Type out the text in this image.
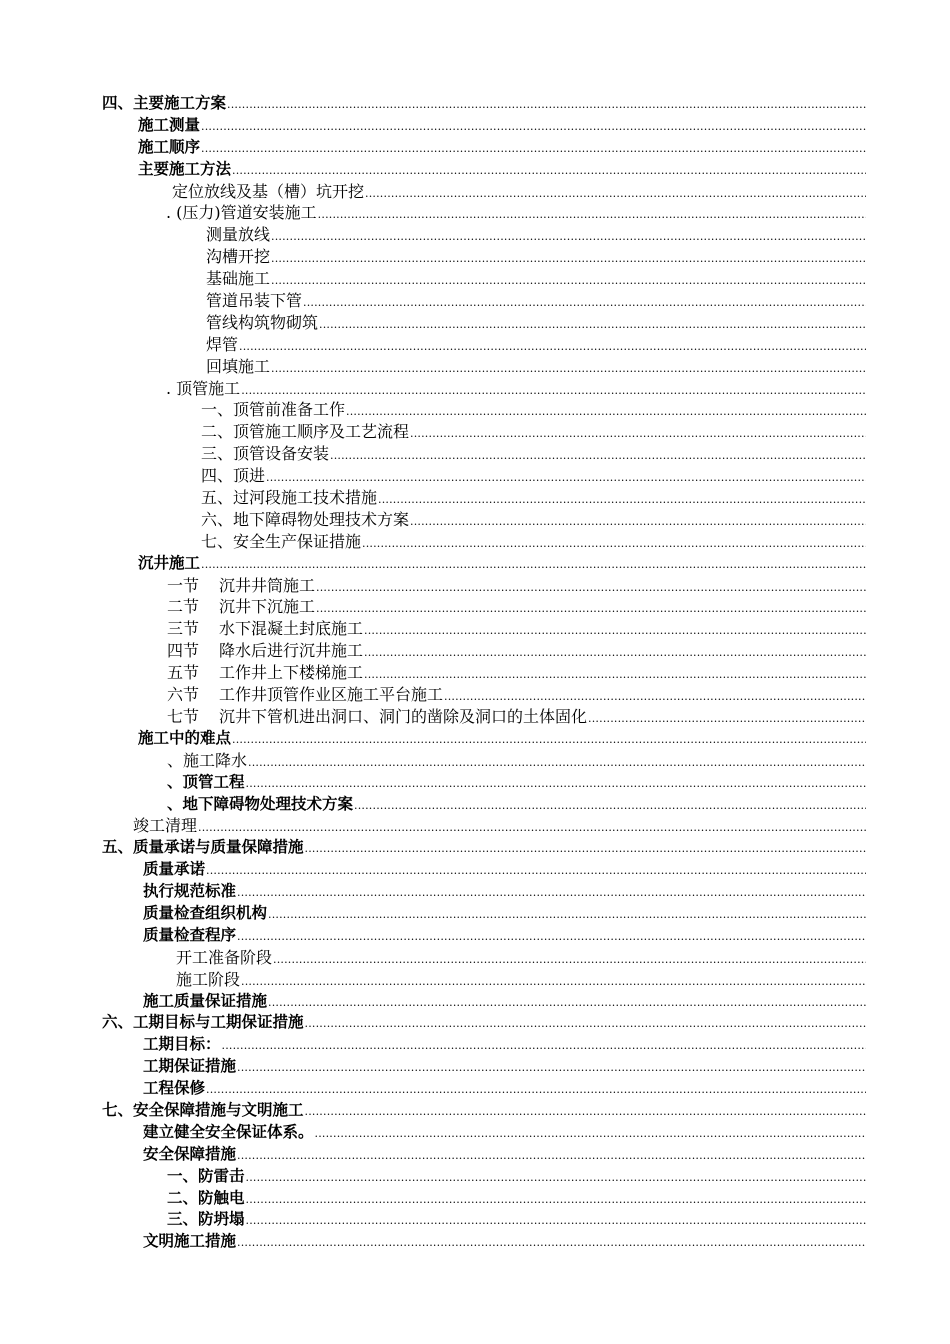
四、主要施工方案
.....
施工测量
.....
施工顺序
.....
主要施工方法
.....
定位放线及基（槽）坑开挖
.....
. (压力)管道安装施工
.....
测量放线
.....
沟槽开挖
.....
基础施工
.....
管道吊装下管
.....
管线构筑物砌筑
.....
焊管
.....
回填施工
.....
. 顶管施工
.....
一、顶管前准备工作
.....
二、顶管施工顺序及工艺流程
.....
三、顶管设备安装
.....
四、顶进
.....
五、过河段施工技术措施
.....
六、地下障碍物处理技术方案
.....
七、安全生产保证措施
.....
沉井施工
.....
一节 沉井井筒施工
.....
二节 沉井下沉施工
.....
三节 水下混凝土封底施工
.....
四节 降水后进行沉井施工
.....
五节 工作井上下楼梯施工
.....
六节 工作井顶管作业区施工平台施工
.....
七节 沉井下管机进出洞口、洞门的凿除及洞口的土体固化
.....
施工中的难点
.....
、施工降水
.....
、顶管工程
.....
、地下障碍物处理技术方案
.....
竣工清理
.....
五、质量承诺与质量保障措施
.....
质量承诺
.....
执行规范标准
.....
质量检查组织机构
.....
质量检查程序
.....
开工准备阶段
.....
施工阶段
.....
施工质量保证措施
.....
六、工期目标与工期保证措施
.....
工期目标：
.....
工期保证措施
.....
工程保修
.....
七、安全保障措施与文明施工
.....
建立健全安全保证体系。
.....
安全保障措施
.....
一、防雷击
.....
二、防触电
.....
三、防坍塌
.....
文明施工措施
.....
